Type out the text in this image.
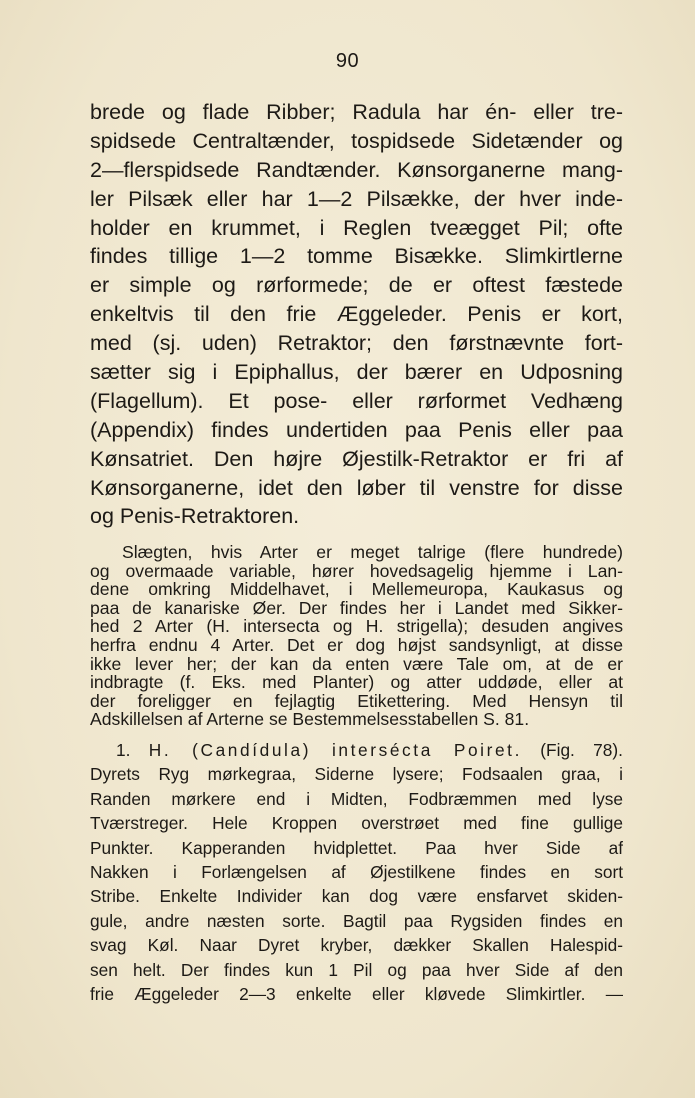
90
brede og flade Ribber; Radula har én- eller tre-
spidsede Centraltænder, tospidsede Sidetænder og
2—flerspidsede Randtænder. Kønsorganerne mang-
ler Pilsæk eller har 1—2 Pilsække, der hver inde-
holder en krummet, i Reglen tveægget Pil; ofte
findes tillige 1—2 tomme Bisække. Slimkirtlerne
er simple og rørformede; de er oftest fæstede
enkeltvis til den frie Æggeleder. Penis er kort,
med (sj. uden) Retraktor; den førstnævnte fort-
sætter sig i Epiphallus, der bærer en Udposning
(Flagellum). Et pose- eller rørformet Vedhæng
(Appendix) findes undertiden paa Penis eller paa
Kønsatriet. Den højre Øjestilk-Retraktor er fri af
Kønsorganerne, idet den løber til venstre for disse
og Penis-Retraktoren.
Slægten, hvis Arter er meget talrige (flere hundrede)
og overmaade variable, hører hovedsagelig hjemme i Lan-
dene omkring Middelhavet, i Mellemeuropa, Kaukasus og
paa de kanariske Øer. Der findes her i Landet med Sikker-
hed 2 Arter (H. intersecta og H. strigella); desuden angives
herfra endnu 4 Arter. Det er dog højst sandsynligt, at disse
ikke lever her; der kan da enten være Tale om, at de er
indbragte (f. Eks. med Planter) og atter uddøde, eller at
der foreligger en fejlagtig Etikettering. Med Hensyn til
Adskillelsen af Arterne se Bestemmelsesstabellen S. 81.
1. H. (Candídula) intersécta Poiret. (Fig. 78).
Dyrets Ryg mørkegraa, Siderne lysere; Fodsaalen graa, i
Randen mørkere end i Midten, Fodbræmmen med lyse
Tværstreger. Hele Kroppen overstrøet med fine gullige
Punkter. Kapperanden hvidplettet. Paa hver Side af
Nakken i Forlængelsen af Øjestilkene findes en sort
Stribe. Enkelte Individer kan dog være ensfarvet skiden-
gule, andre næsten sorte. Bagtil paa Rygsiden findes en
svag Køl. Naar Dyret kryber, dækker Skallen Halespid-
sen helt. Der findes kun 1 Pil og paa hver Side af den
frie Æggeleder 2—3 enkelte eller kløvede Slimkirtler. —
